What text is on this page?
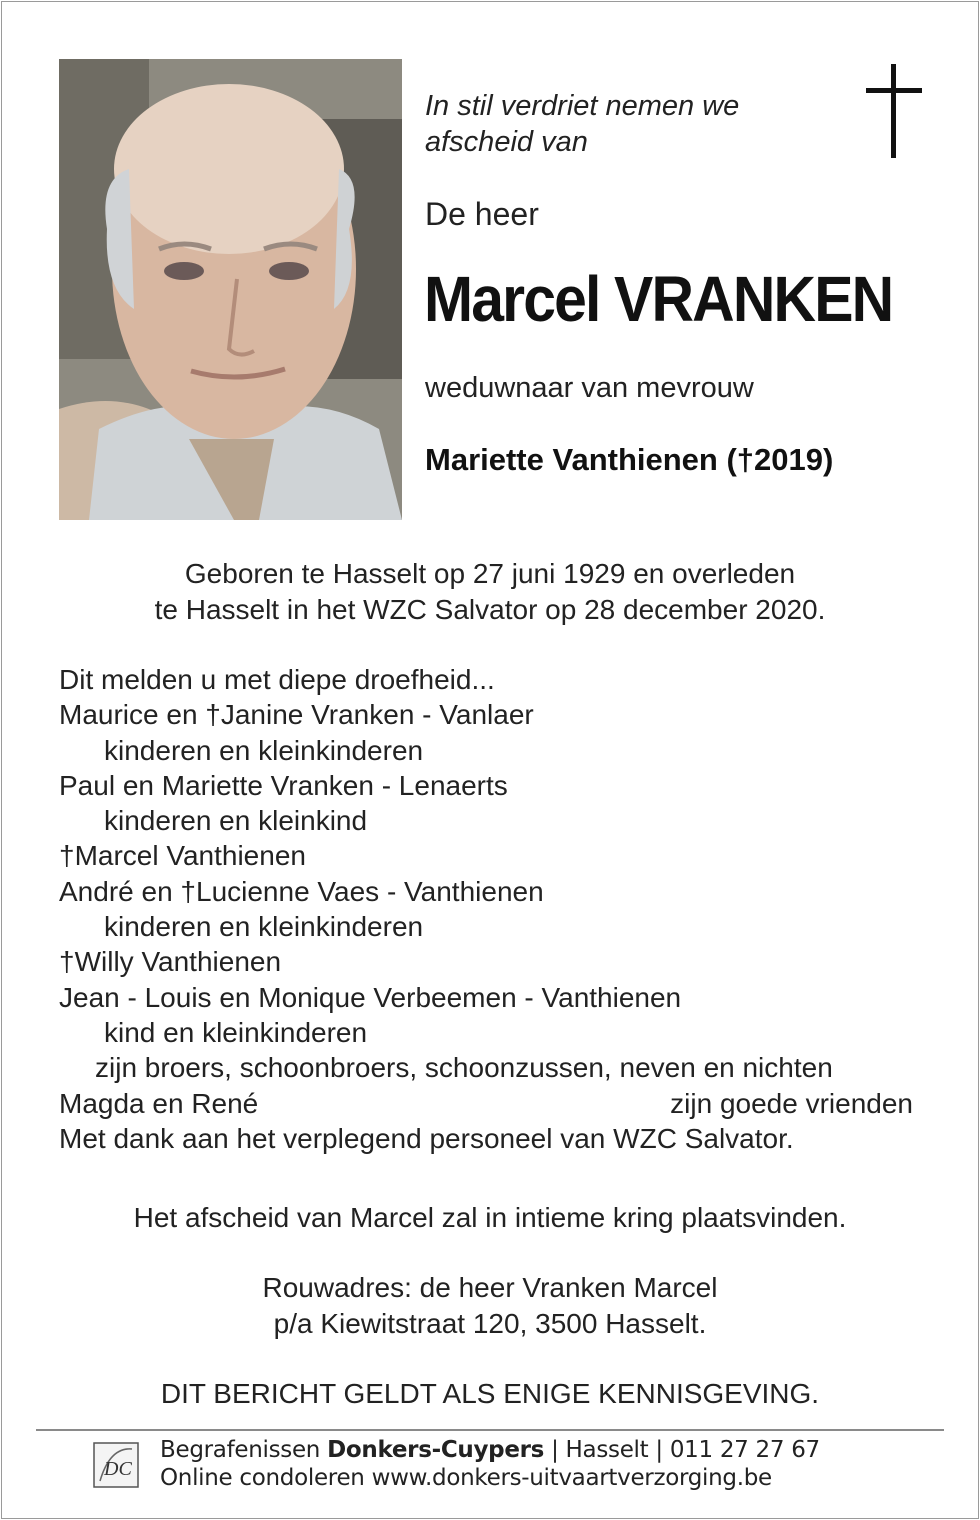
In stil verdriet nemen we
afscheid van
De heer
Marcel VRANKEN
weduwnaar van mevrouw
Mariette Vanthienen (†2019)
Geboren te Hasselt op 27 juni 1929 en overleden
te Hasselt in het WZC Salvator op 28 december 2020.
Dit melden u met diepe droefheid...
Maurice en †Janine Vranken - Vanlaer
kinderen en kleinkinderen
Paul en Mariette Vranken - Lenaerts
kinderen en kleinkind
†Marcel Vanthienen
André en †Lucienne Vaes - Vanthienen
kinderen en kleinkinderen
†Willy Vanthienen
Jean - Louis en Monique Verbeemen - Vanthienen
kind en kleinkinderen
zijn broers, schoonbroers, schoonzussen, neven en nichten
Magda en René	zijn goede vrienden
Met dank aan het verplegend personeel van WZC Salvator.
Het afscheid van Marcel zal in intieme kring plaatsvinden.
Rouwadres: de heer Vranken Marcel
p/a Kiewitstraat 120, 3500 Hasselt.
DIT BERICHT GELDT ALS ENIGE KENNISGEVING.
DC
Begrafenissen Donkers-Cuypers | Hasselt | 011 27 27 67
Online condoleren www.donkers-uitvaartverzorging.be
